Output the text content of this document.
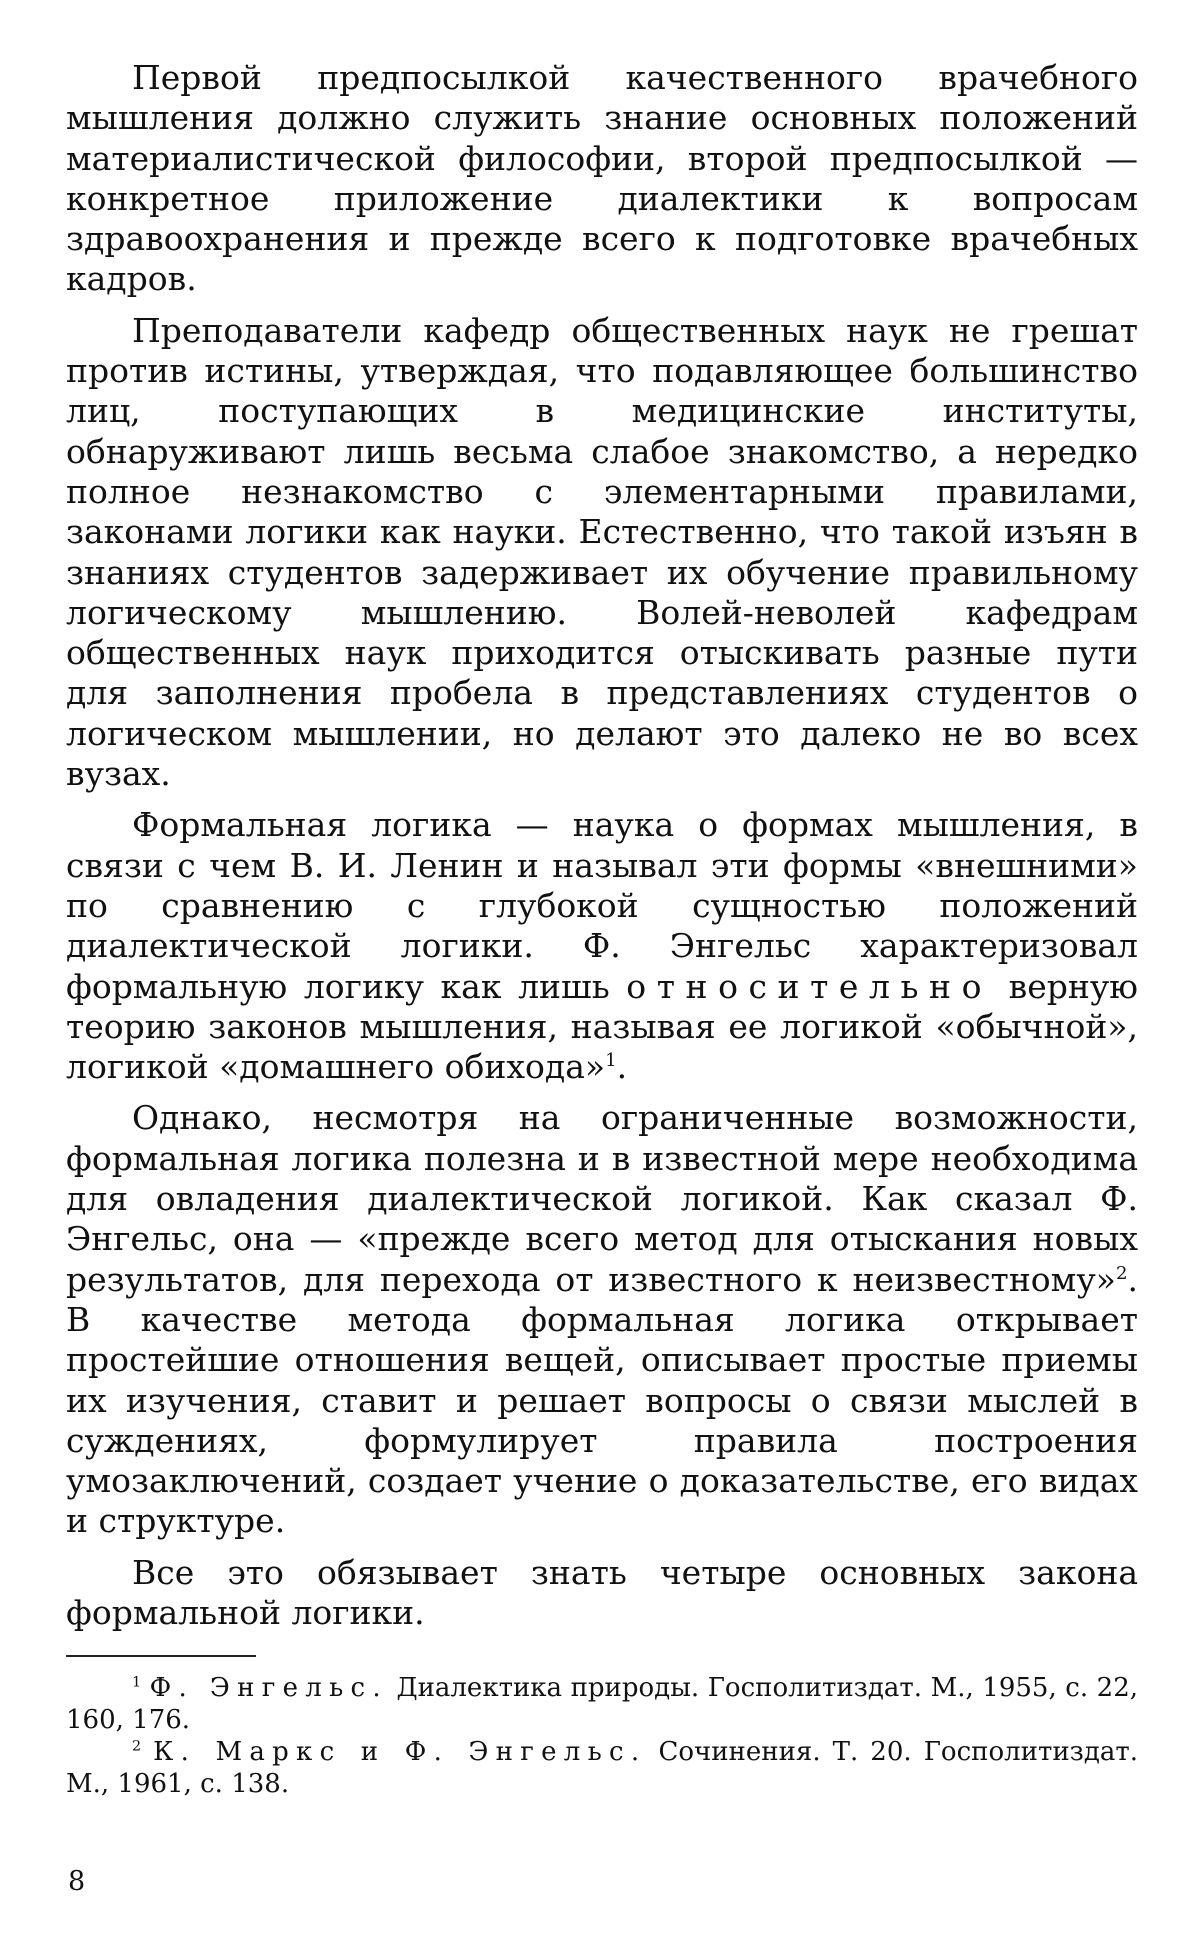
Первой предпосылкой качественного врачебного мышления должно служить знание основных положений материалистической философии, второй предпосылкой — конкретное приложение диалектики к вопросам здравоохранения и прежде всего к подготовке врачебных кадров.

Преподаватели кафедр общественных наук не грешат против истины, утверждая, что подавляющее большинство лиц, поступающих в медицинские институты, обнаруживают лишь весьма слабое знакомство, а нередко полное незнакомство с элементарными правилами, законами логики как науки. Естественно, что такой изъян в знаниях студентов задерживает их обучение правильному логическому мышлению. Волей-неволей кафедрам общественных наук приходится отыскивать разные пути для заполнения пробела в представлениях студентов о логическом мышлении, но делают это далеко не во всех вузах.

Формальная логика — наука о формах мышления, в связи с чем В. И. Ленин и называл эти формы «внешними» по сравнению с глубокой сущностью положений диалектической логики. Ф. Энгельс характеризовал формальную логику как лишь относительно верную теорию законов мышления, называя ее логикой «обычной», логикой «домашнего обихода»$^1$.

Однако, несмотря на ограниченные возможности, формальная логика полезна и в известной мере необходима для овладения диалектической логикой. Как сказал Ф. Энгельс, она — «прежде всего метод для отыскания новых результатов, для перехода от известного к неизвестному»$^2$. В качестве метода формальная логика открывает простейшие отношения вещей, описывает простые приемы их изучения, ставит и решает вопросы о связи мыслей в суждениях, формулирует правила построения умозаключений, создает учение о доказательстве, его видах и структуре.

Все это обязывает знать четыре основных закона формальной логики.

$^1$ Ф. Энгельс. Диалектика природы. Госполитиздат. М., 1955, с. 22, 160, 176.

$^2$ К. Маркс и Ф. Энгельс. Сочинения. Т. 20. Госполитиздат. М., 1961, с. 138.

8
